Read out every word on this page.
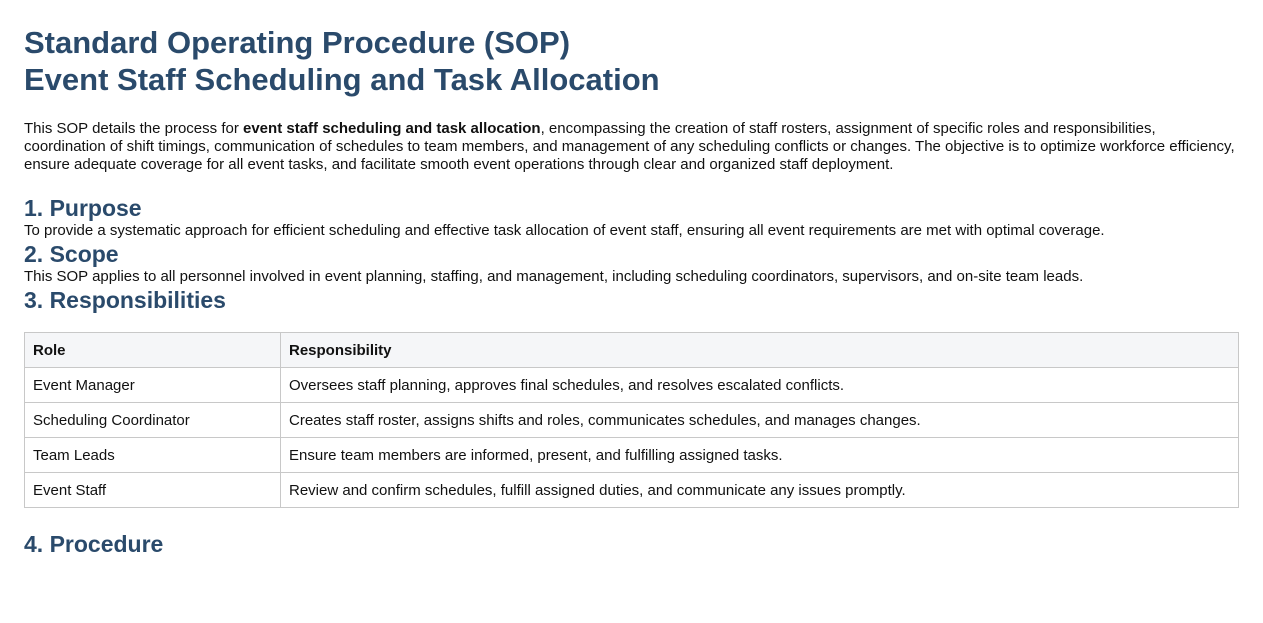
Standard Operating Procedure (SOP)
Event Staff Scheduling and Task Allocation

This SOP details the process for event staff scheduling and task allocation, encompassing the creation of staff rosters, assignment of specific roles and responsibilities, coordination of shift timings, communication of schedules to team members, and management of any scheduling conflicts or changes. The objective is to optimize workforce efficiency, ensure adequate coverage for all event tasks, and facilitate smooth event operations through clear and organized staff deployment.

1. Purpose

To provide a systematic approach for efficient scheduling and effective task allocation of event staff, ensuring all event requirements are met with optimal coverage.

2. Scope

This SOP applies to all personnel involved in event planning, staffing, and management, including scheduling coordinators, supervisors, and on-site team leads.

3. Responsibilities
Role	Responsibility
Event Manager	Oversees staff planning, approves final schedules, and resolves escalated conflicts.
Scheduling Coordinator	Creates staff roster, assigns shifts and roles, communicates schedules, and manages changes.
Team Leads	Ensure team members are informed, present, and fulfilling assigned tasks.
Event Staff	Review and confirm schedules, fulfill assigned duties, and communicate any issues promptly.
4. Procedure
